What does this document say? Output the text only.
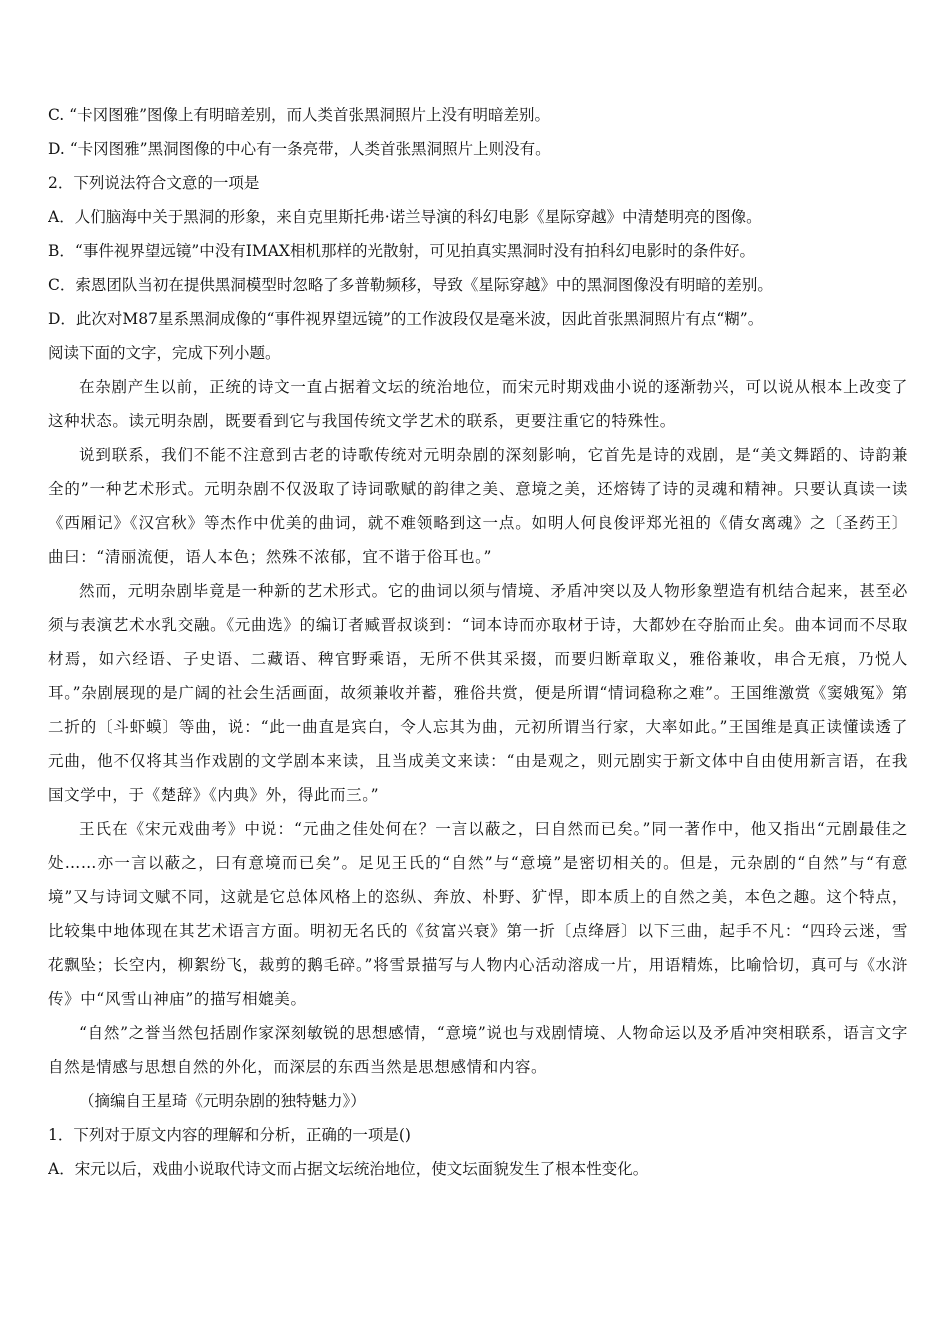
C. “卡冈图雅”图像上有明暗差别，而人类首张黑洞照片上没有明暗差别。
D. “卡冈图雅”黑洞图像的中心有一条亮带，人类首张黑洞照片上则没有。
2．下列说法符合文意的一项是
A．人们脑海中关于黑洞的形象，来自克里斯托弗·诺兰导演的科幻电影《星际穿越》中清楚明亮的图像。
B．“事件视界望远镜”中没有IMAX相机那样的光散射，可见拍真实黑洞时没有拍科幻电影时的条件好。
C．索恩团队当初在提供黑洞模型时忽略了多普勒频移，导致《星际穿越》中的黑洞图像没有明暗的差别。
D．此次对M87星系黑洞成像的“事件视界望远镜”的工作波段仅是毫米波，因此首张黑洞照片有点“糊”。
阅读下面的文字，完成下列小题。
在杂剧产生以前，正统的诗文一直占据着文坛的统治地位，而宋元时期戏曲小说的逐渐勃兴，可以说从根本上改变了这种状态。读元明杂剧，既要看到它与我国传统文学艺术的联系，更要注重它的特殊性。
说到联系，我们不能不注意到古老的诗歌传统对元明杂剧的深刻影响，它首先是诗的戏剧，是“美文舞蹈的、诗韵兼全的”一种艺术形式。元明杂剧不仅汲取了诗词歌赋的韵律之美、意境之美，还熔铸了诗的灵魂和精神。只要认真读一读《西厢记》《汉宫秋》等杰作中优美的曲词，就不难领略到这一点。如明人何良俊评郑光祖的《倩女离魂》之〔圣药王〕曲曰：“清丽流便，语人本色；然殊不浓郁，宜不谐于俗耳也。”
然而，元明杂剧毕竟是一种新的艺术形式。它的曲词以须与情境、矛盾冲突以及人物形象塑造有机结合起来，甚至必须与表演艺术水乳交融。《元曲选》的编订者臧晋叔谈到：“词本诗而亦取材于诗，大都妙在夺胎而止矣。曲本词而不尽取材焉，如六经语、子史语、二藏语、稗官野乘语，无所不供其采掇，而要归断章取义，雅俗兼收，串合无痕，乃悦人耳。”杂剧展现的是广阔的社会生活画面，故须兼收并蓄，雅俗共赏，便是所谓“情词稳称之难”。王国维激赏《窦娥冤》第二折的〔斗虾蟆〕等曲，说：“此一曲直是宾白，令人忘其为曲，元初所谓当行家，大率如此。”王国维是真正读懂读透了元曲，他不仅将其当作戏剧的文学剧本来读，且当成美文来读：“由是观之，则元剧实于新文体中自由使用新言语，在我国文学中，于《楚辞》《内典》外，得此而三。”
王氏在《宋元戏曲考》中说：“元曲之佳处何在？一言以蔽之，曰自然而已矣。”同一著作中，他又指出“元剧最佳之处……亦一言以蔽之，曰有意境而已矣”。足见王氏的“自然”与“意境”是密切相关的。但是，元杂剧的“自然”与“有意境”又与诗词文赋不同，这就是它总体风格上的恣纵、奔放、朴野、犷悍，即本质上的自然之美，本色之趣。这个特点，比较集中地体现在其艺术语言方面。明初无名氏的《贫富兴衰》第一折〔点绛唇〕以下三曲，起手不凡：“四玲云迷，雪花飘坠；长空内，柳絮纷飞，裁剪的鹅毛碎。”将雪景描写与人物内心活动溶成一片，用语精炼，比喻恰切，真可与《水浒传》中“风雪山神庙”的描写相媲美。
“自然”之誉当然包括剧作家深刻敏锐的思想感情，“意境”说也与戏剧情境、人物命运以及矛盾冲突相联系，语言文字自然是情感与思想自然的外化，而深层的东西当然是思想感情和内容。
（摘编自王星琦《元明杂剧的独特魅力》）
1．下列对于原文内容的理解和分析，正确的一项是()
A．宋元以后，戏曲小说取代诗文而占据文坛统治地位，使文坛面貌发生了根本性变化。
